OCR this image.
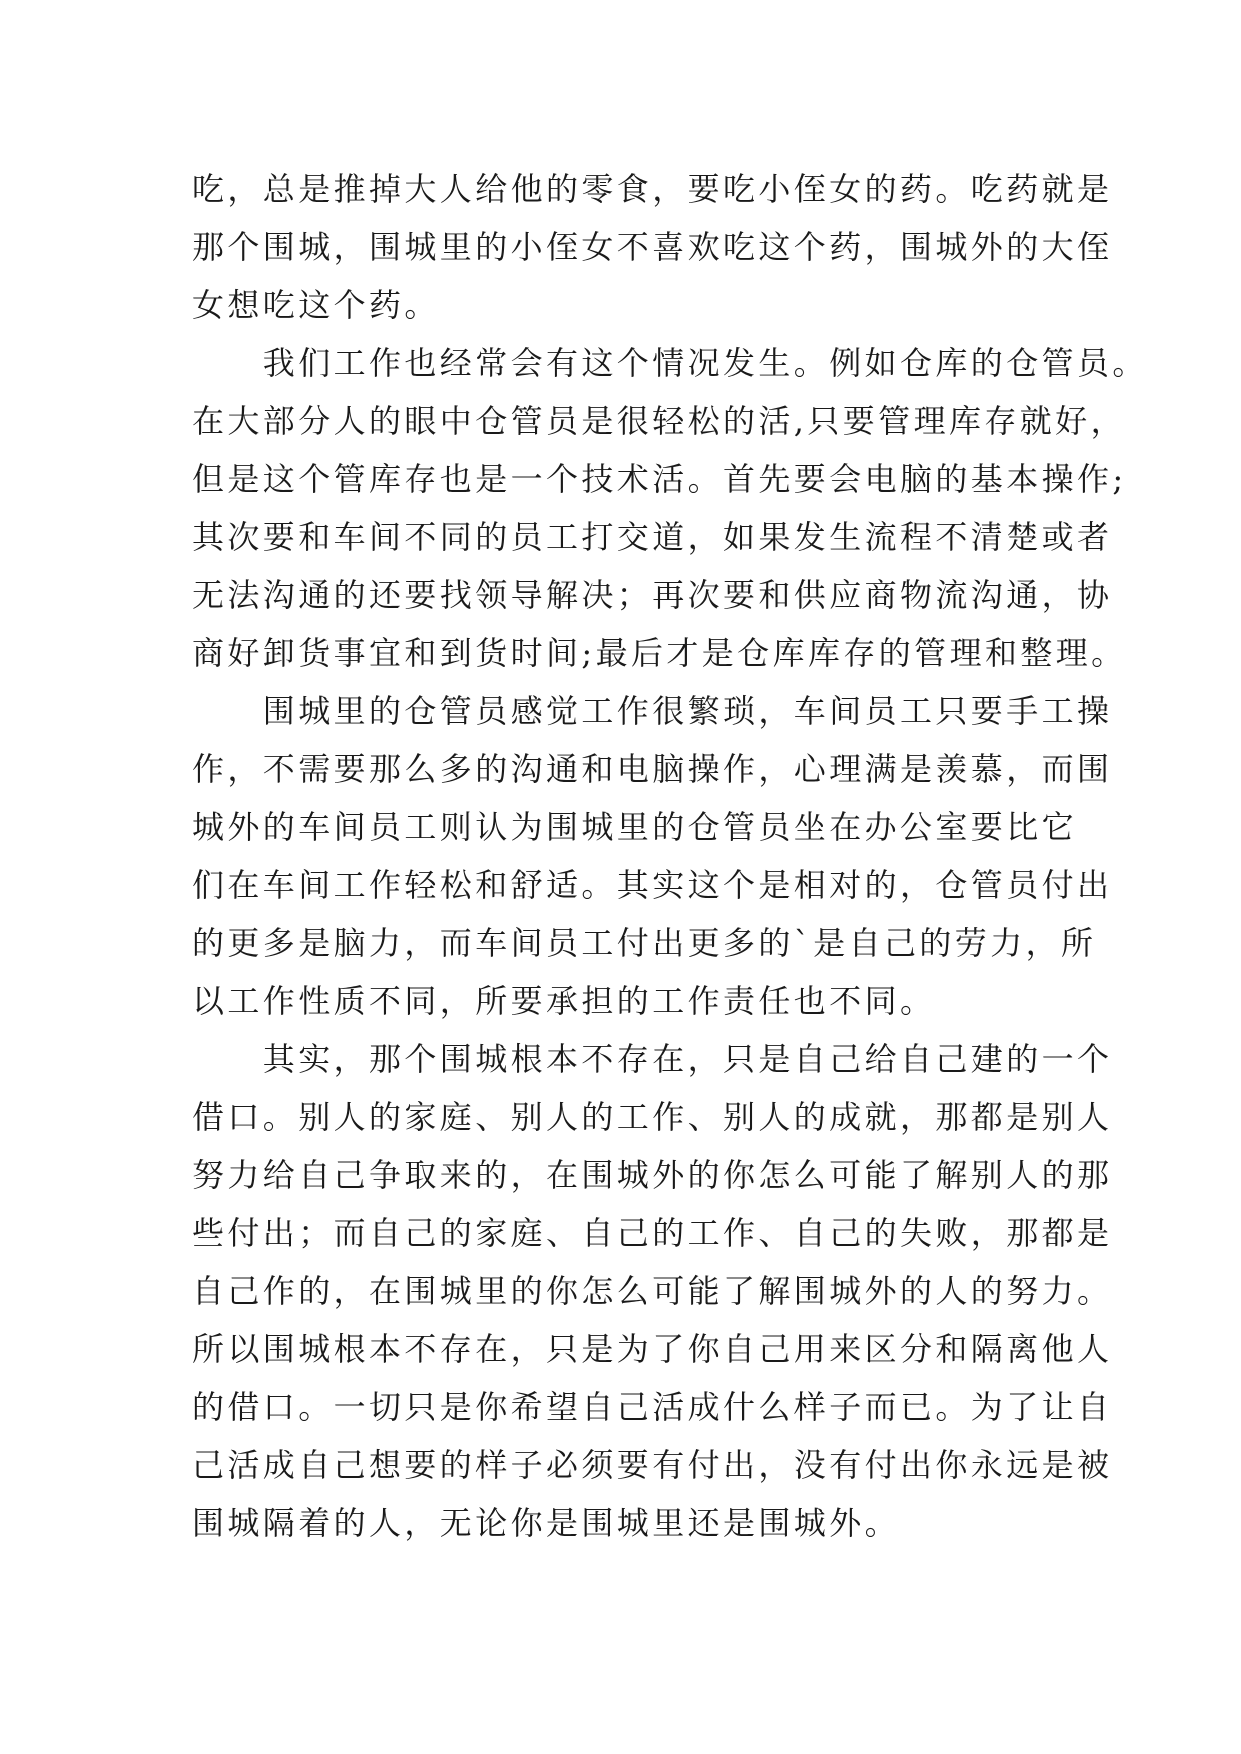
吃，总是推掉大人给他的零食，要吃小侄女的药。吃药就是
那个围城，围城里的小侄女不喜欢吃这个药，围城外的大侄
女想吃这个药。
　　我们工作也经常会有这个情况发生。例如仓库的仓管员。
在大部分人的眼中仓管员是很轻松的活,只要管理库存就好，
但是这个管库存也是一个技术活。首先要会电脑的基本操作;
其次要和车间不同的员工打交道，如果发生流程不清楚或者
无法沟通的还要找领导解决；再次要和供应商物流沟通，协
商好卸货事宜和到货时间;最后才是仓库库存的管理和整理。
　　围城里的仓管员感觉工作很繁琐，车间员工只要手工操
作，不需要那么多的沟通和电脑操作，心理满是羡慕，而围
城外的车间员工则认为围城里的仓管员坐在办公室要比它
们在车间工作轻松和舒适。其实这个是相对的，仓管员付出
的更多是脑力，而车间员工付出更多的`是自己的劳力，所
以工作性质不同，所要承担的工作责任也不同。
　　其实，那个围城根本不存在，只是自己给自己建的一个
借口。别人的家庭、别人的工作、别人的成就，那都是别人
努力给自己争取来的，在围城外的你怎么可能了解别人的那
些付出；而自己的家庭、自己的工作、自己的失败，那都是
自己作的，在围城里的你怎么可能了解围城外的人的努力。
所以围城根本不存在，只是为了你自己用来区分和隔离他人
的借口。一切只是你希望自己活成什么样子而已。为了让自
己活成自己想要的样子必须要有付出，没有付出你永远是被
围城隔着的人，无论你是围城里还是围城外。
